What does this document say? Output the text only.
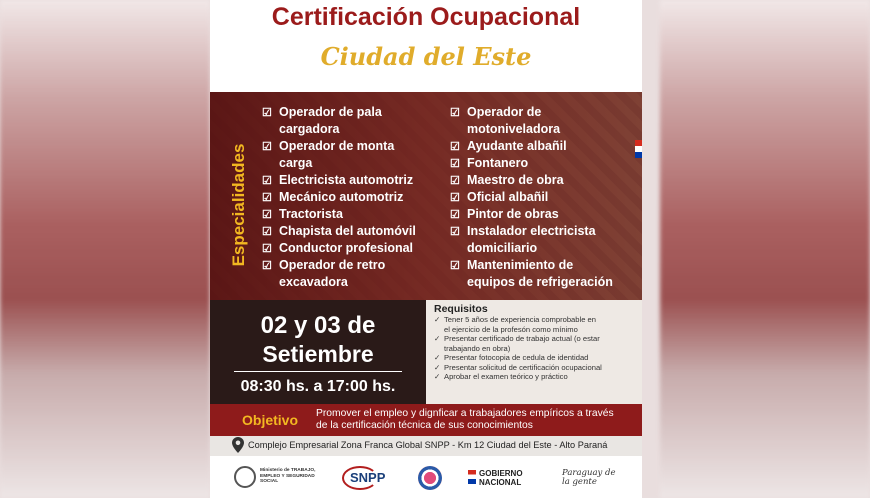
Certificación Ocupacional
Ciudad del Este
Especialidades
☑ Operador de pala
cargadora
☑ Operador de monta
carga
☑ Electricista automotriz
☑ Mecánico automotriz
☑ Tractorista
☑ Chapista del automóvil
☑ Conductor profesional
☑ Operador de retro
excavadora
☑ Operador de
motoniveladora
☑ Ayudante albañil
☑ Fontanero
☑ Maestro de obra
☑ Oficial albañil
☑ Pintor de obras
☑ Instalador electricista
domiciliario
☑ Mantenimiento de
equipos de refrigeración
02 y 03 de
Setiembre
08:30 hs. a 17:00 hs.
Requisitos
✓ Tener 5 años de experiencia comprobable en
el ejercicio de la profesón como mínimo
✓ Presentar certificado de trabajo actual (o estar
trabajando en obra)
✓ Presentar fotocopia de cedula de identidad
✓ Presentar solicitud de certificación ocupacional
✓ Aprobar el examen teórico y práctico
Objetivo Promover el empleo y dignficar a trabajadores empíricos a través de la certificación técnica de sus conocimientos
Complejo Empresarial Zona Franca Global SNPP - Km 12 Ciudad del Este - Alto Paraná
Ministerio de TRABAJO, EMPLEO Y SEGURIDAD SOCIAL	SNPP	GOBIERNO NACIONAL
Paraguay de la gente
